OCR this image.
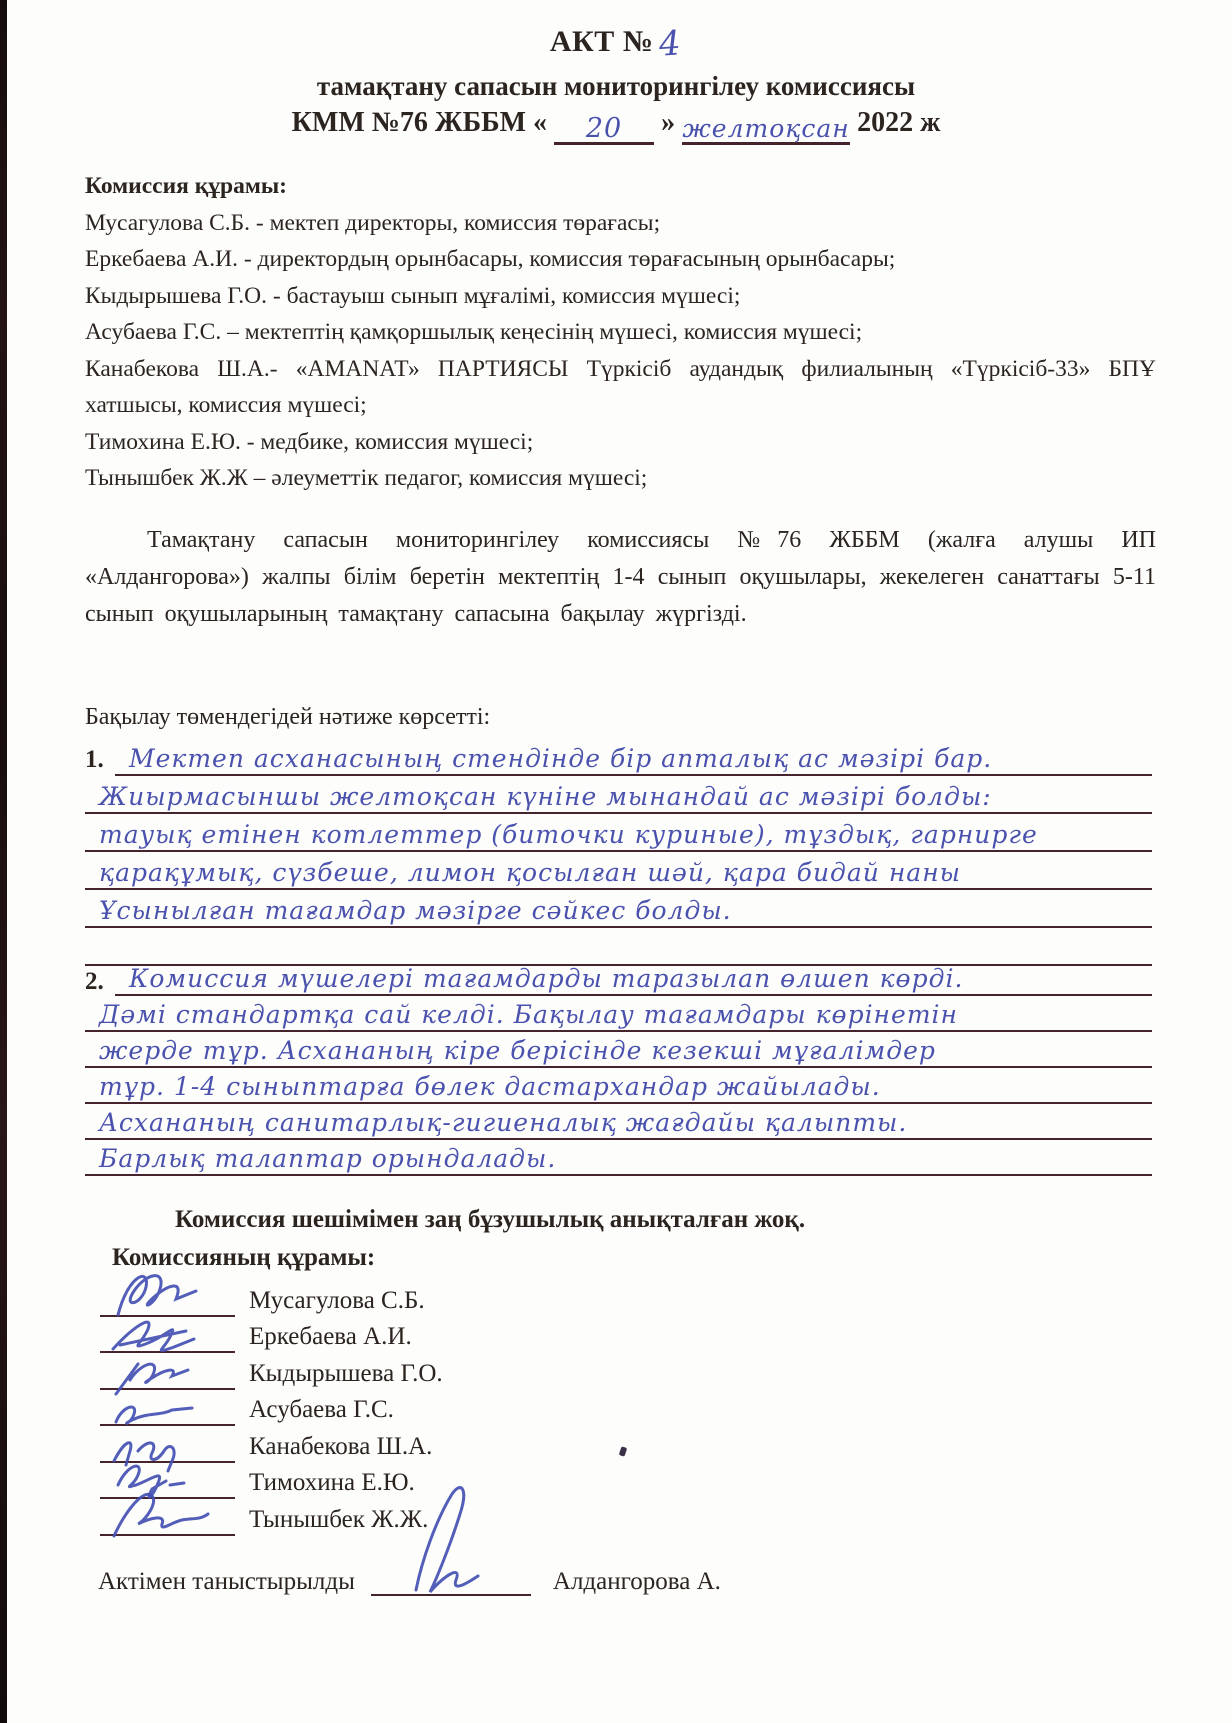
АКТ № 4
тамақтану сапасын мониторингілеу комиссиясы
КММ №76 ЖББМ « 20 » желтоқсан 2022 ж
Комиссия құрамы:
Мусагулова С.Б. - мектеп директоры, комиссия төрағасы;
Еркебаева А.И. - директордың орынбасары, комиссия төрағасының орынбасары;
Кыдырышева Г.О. - бастауыш сынып мұғалімі, комиссия мүшесі;
Асубаева Г.С. – мектептің қамқоршылық кеңесінің мүшесі, комиссия мүшесі;
Канабекова Ш.А.- «АМАNАТ» ПАРТИЯСЫ Түркісіб аудандық филиалының «Түркісіб-33» БПҰ хатшысы, комиссия мүшесі;
Тимохина Е.Ю. - медбике, комиссия мүшесі;
Тынышбек Ж.Ж – әлеуметтік педагог, комиссия мүшесі;
Тамақтану сапасын мониторингілеу комиссиясы №76 ЖББМ (жалға алушы ИП «Алдангорова») жалпы білім беретін мектептің 1-4 сынып оқушылары, жекелеген санаттағы 5-11 сынып оқушыларының тамақтану сапасына бақылау жүргізді.
Бақылау төмендегідей нәтиже көрсетті:
1. Мектеп асханасының стендінде бір апталық ас мәзірі бар.
Жиырмасыншы желтоқсан күніне мынандай ас мәзірі болды:
тауық етінен котлеттер (биточки куриные), тұздық, гарнирге
қарақұмық, сүзбеше, лимон қосылған шәй, қара бидай наны
Ұсынылған тағамдар мәзірге сәйкес болды.
2. Комиссия мүшелері тағамдарды таразылап өлшеп көрді.
Дәмі стандартқа сай келді. Бақылау тағамдары көрінетін
жерде тұр. Асхананың кіре берісінде кезекші мұғалімдер
тұр. 1-4 сыныптарға бөлек дастархандар жайылады.
Асхананың санитарлық-гигиеналық жағдайы қалыпты.
Барлық талаптар орындалады.
Комиссия шешімімен заң бұзушылық анықталған жоқ.
Комиссияның құрамы:
Мусагулова С.Б.
Еркебаева А.И.
Кыдырышева Г.О.
Асубаева Г.С.
Канабекова Ш.А.
Тимохина Е.Ю.
Тынышбек Ж.Ж.
Актімен таныстырылды	Алдангорова А.
